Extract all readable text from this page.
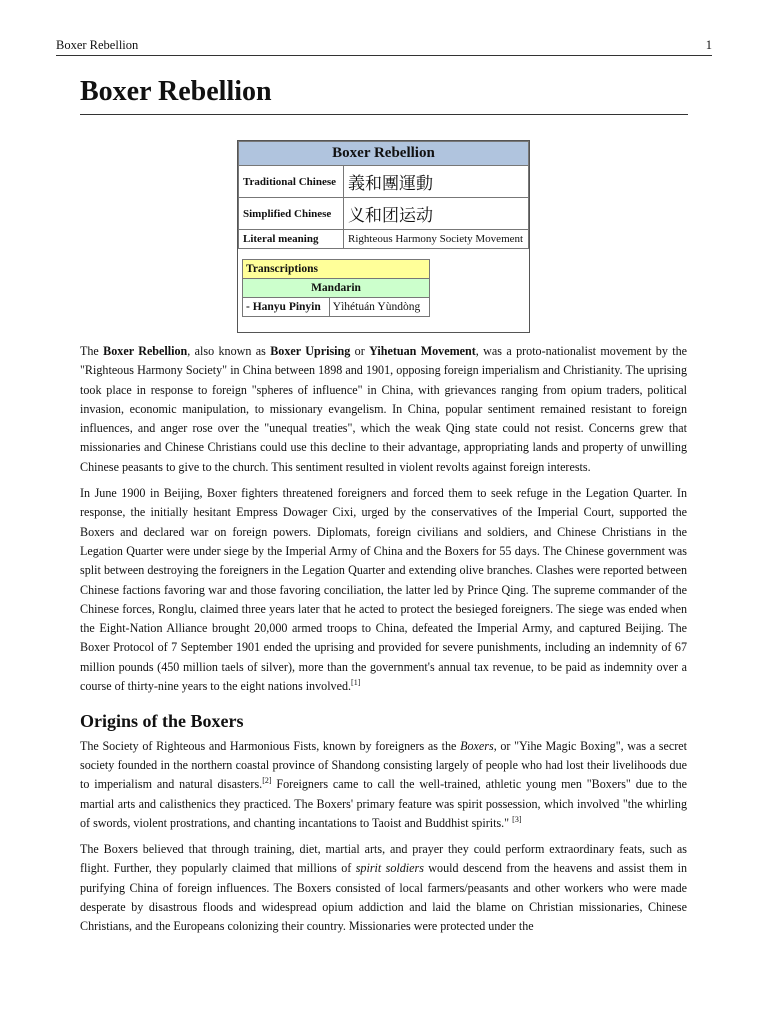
Boxer Rebellion	1
Boxer Rebellion
Boxer Rebellion	
Traditional Chinese	義和團運動
Simplified Chinese	义和团运动
Literal meaning	Righteous Harmony Society Movement
Transcriptions
Mandarin
- Hanyu Pinyin	Yìhétuán Yùndòng

The Boxer Rebellion, also known as Boxer Uprising or Yihetuan Movement, was a proto-nationalist movement by the "Righteous Harmony Society" in China between 1898 and 1901, opposing foreign imperialism and Christianity. The uprising took place in response to foreign "spheres of influence" in China, with grievances ranging from opium traders, political invasion, economic manipulation, to missionary evangelism. In China, popular sentiment remained resistant to foreign influences, and anger rose over the "unequal treaties", which the weak Qing state could not resist. Concerns grew that missionaries and Chinese Christians could use this decline to their advantage, appropriating lands and property of unwilling Chinese peasants to give to the church. This sentiment resulted in violent revolts against foreign interests.

In June 1900 in Beijing, Boxer fighters threatened foreigners and forced them to seek refuge in the Legation Quarter. In response, the initially hesitant Empress Dowager Cixi, urged by the conservatives of the Imperial Court, supported the Boxers and declared war on foreign powers. Diplomats, foreign civilians and soldiers, and Chinese Christians in the Legation Quarter were under siege by the Imperial Army of China and the Boxers for 55 days. The Chinese government was split between destroying the foreigners in the Legation Quarter and extending olive branches. Clashes were reported between Chinese factions favoring war and those favoring conciliation, the latter led by Prince Qing. The supreme commander of the Chinese forces, Ronglu, claimed three years later that he acted to protect the besieged foreigners. The siege was ended when the Eight-Nation Alliance brought 20,000 armed troops to China, defeated the Imperial Army, and captured Beijing. The Boxer Protocol of 7 September 1901 ended the uprising and provided for severe punishments, including an indemnity of 67 million pounds (450 million taels of silver), more than the government's annual tax revenue, to be paid as indemnity over a course of thirty-nine years to the eight nations involved.[1]

Origins of the Boxers

The Society of Righteous and Harmonious Fists, known by foreigners as the Boxers, or "Yihe Magic Boxing", was a secret society founded in the northern coastal province of Shandong consisting largely of people who had lost their livelihoods due to imperialism and natural disasters.[2] Foreigners came to call the well-trained, athletic young men "Boxers" due to the martial arts and calisthenics they practiced. The Boxers' primary feature was spirit possession, which involved "the whirling of swords, violent prostrations, and chanting incantations to Taoist and Buddhist spirits." [3]

The Boxers believed that through training, diet, martial arts, and prayer they could perform extraordinary feats, such as flight. Further, they popularly claimed that millions of spirit soldiers would descend from the heavens and assist them in purifying China of foreign influences. The Boxers consisted of local farmers/peasants and other workers who were made desperate by disastrous floods and widespread opium addiction and laid the blame on Christian missionaries, Chinese Christians, and the Europeans colonizing their country. Missionaries were protected under the
